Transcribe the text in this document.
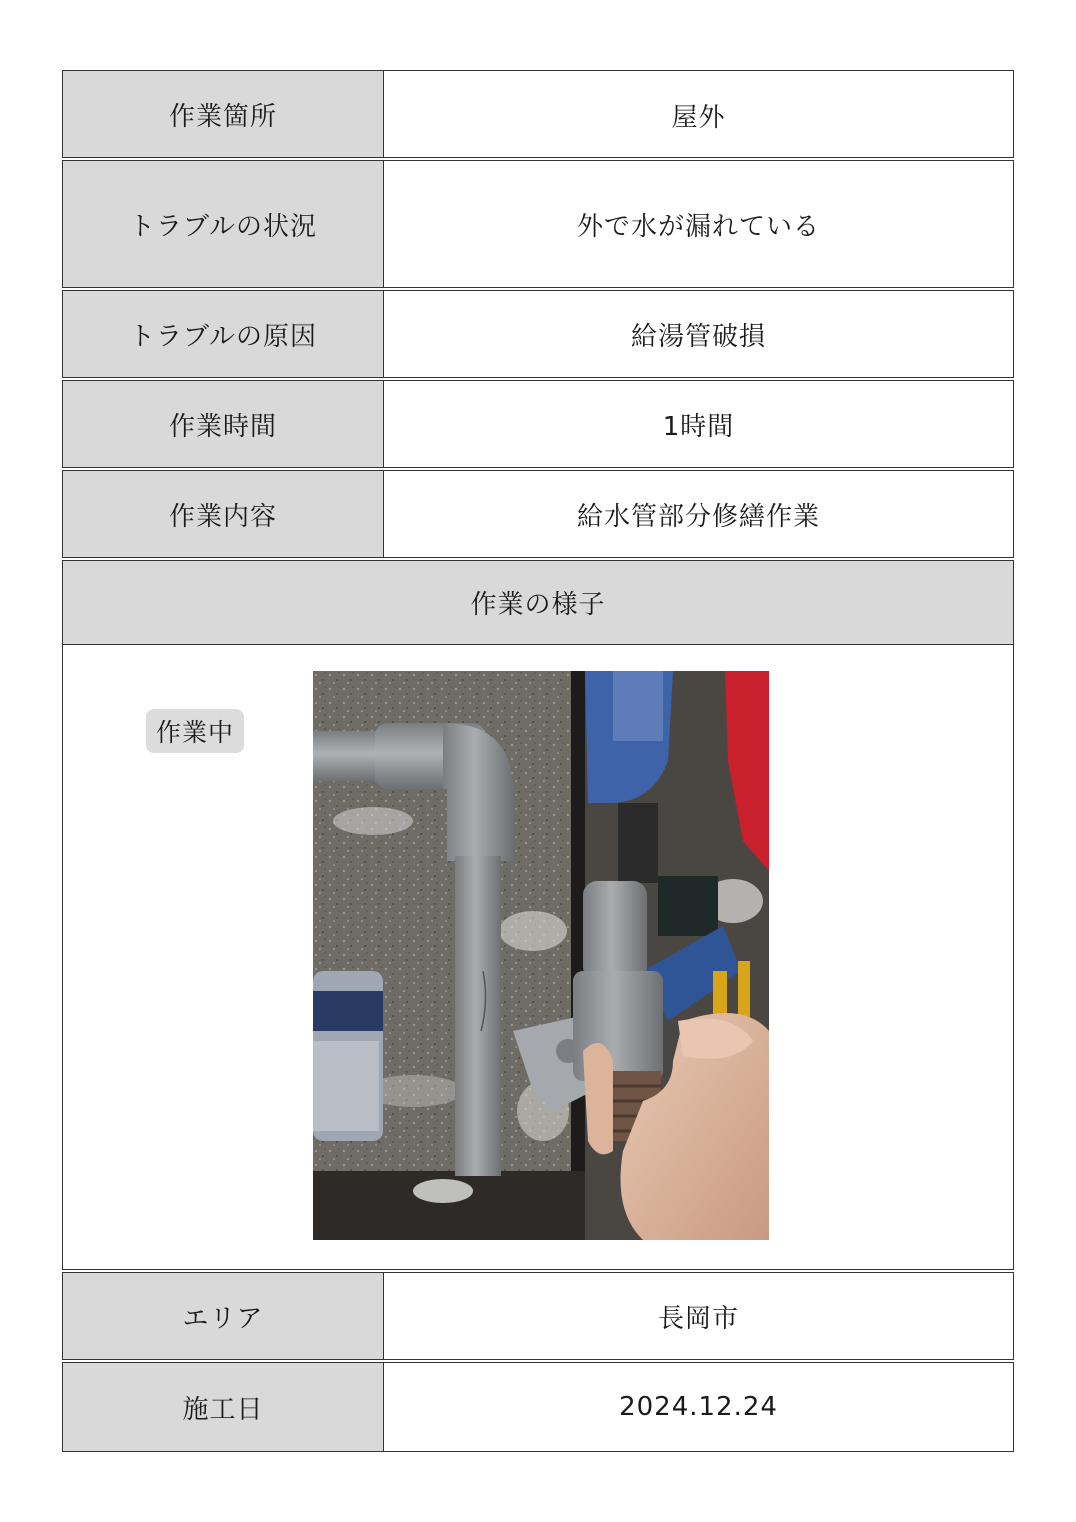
作業箇所	屋外
トラブルの状況	外で水が漏れている
トラブルの原因	給湯管破損
作業時間	1時間
作業内容	給水管部分修繕作業
作業の様子
作業中
エリア	長岡市
施工日	2024.12.24
